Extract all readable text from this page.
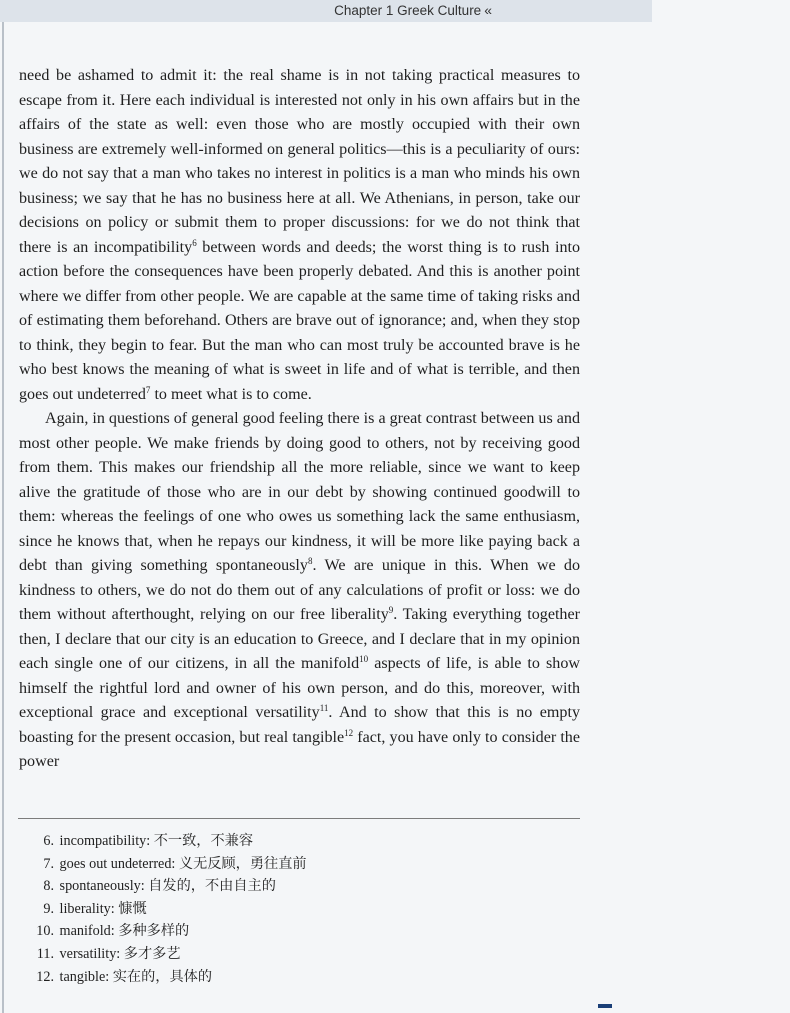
Chapter 1 Greek Culture «

need be ashamed to admit it: the real shame is in not taking practical measures to escape from it. Here each individual is interested not only in his own affairs but in the affairs of the state as well: even those who are mostly occupied with their own business are extremely well-informed on general politics—this is a peculiarity of ours: we do not say that a man who takes no interest in politics is a man who minds his own business; we say that he has no business here at all. We Athenians, in person, take our decisions on policy or submit them to proper discussions: for we do not think that there is an incompatibility$^6$ between words and deeds; the worst thing is to rush into action before the consequences have been properly debated. And this is another point where we differ from other people. We are capable at the same time of taking risks and of estimating them beforehand. Others are brave out of ignorance; and, when they stop to think, they begin to fear. But the man who can most truly be accounted brave is he who best knows the meaning of what is sweet in life and of what is terrible, and then goes out undeterred$^7$ to meet what is to come.

Again, in questions of general good feeling there is a great contrast between us and most other people. We make friends by doing good to others, not by receiving good from them. This makes our friendship all the more reliable, since we want to keep alive the gratitude of those who are in our debt by showing continued goodwill to them: whereas the feelings of one who owes us something lack the same enthusiasm, since he knows that, when he repays our kindness, it will be more like paying back a debt than giving something spontaneously$^8$. We are unique in this. When we do kindness to others, we do not do them out of any calculations of profit or loss: we do them without afterthought, relying on our free liberality$^9$. Taking everything together then, I declare that our city is an education to Greece, and I declare that in my opinion each single one of our citizens, in all the manifold$^{10}$ aspects of life, is able to show himself the rightful lord and owner of his own person, and do this, moreover, with exceptional grace and exceptional versatility$^{11}$. And to show that this is no empty boasting for the present occasion, but real tangible$^{12}$ fact, you have only to consider the power

6. incompatibility: 不一致，不兼容
7. goes out undeterred: 义无反顾，勇往直前
8. spontaneously: 自发的，不由自主的
9. liberality: 慷慨
10. manifold: 多种多样的
11. versatility: 多才多艺
12. tangible: 实在的，具体的
